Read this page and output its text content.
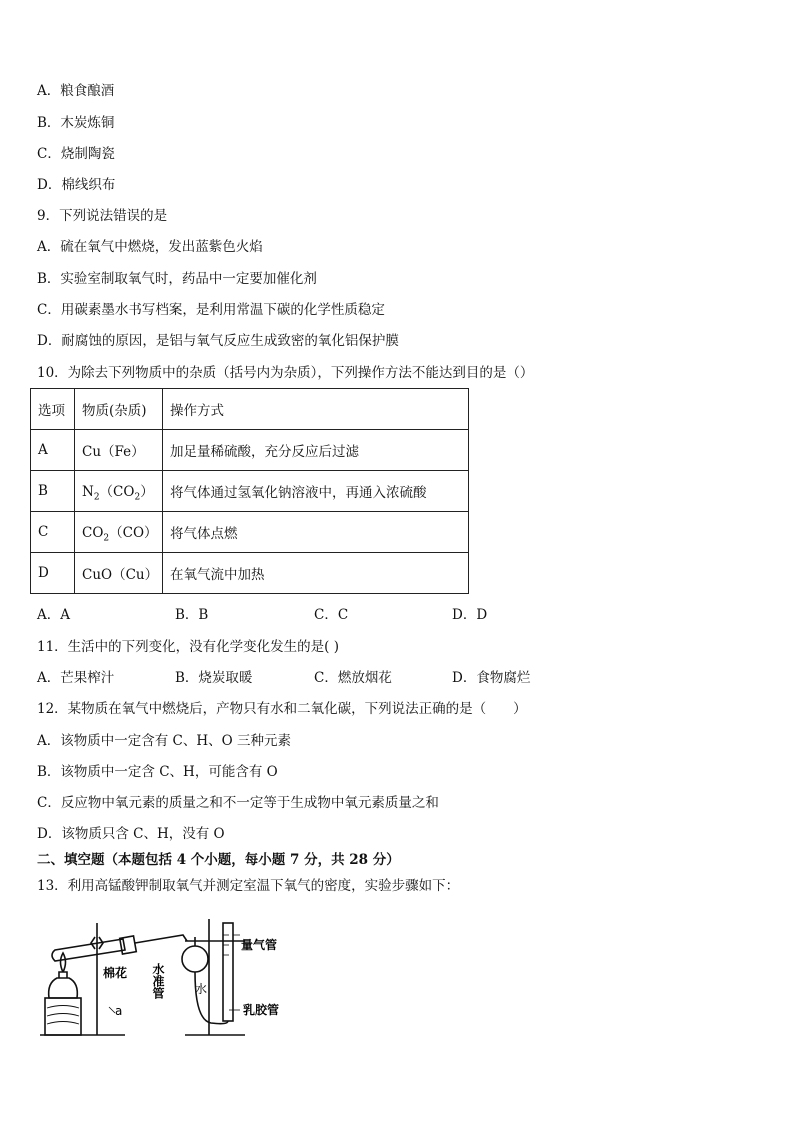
A．粮食酿酒
B．木炭炼铜
C．烧制陶瓷
D．棉线织布
9．下列说法错误的是
A．硫在氧气中燃烧，发出蓝紫色火焰
B．实验室制取氧气时，药品中一定要加催化剂
C．用碳素墨水书写档案，是利用常温下碳的化学性质稳定
D．耐腐蚀的原因，是铝与氧气反应生成致密的氧化铝保护膜
10．为除去下列物质中的杂质（括号内为杂质），下列操作方法不能达到目的是（）
选项	物质(杂质)	操作方式
A	Cu（Fe）	加足量稀硫酸，充分反应后过滤
B	$N_2(CO_2)$	将气体通过氢氧化钠溶液中，再通入浓硫酸
C	$CO_2(CO)$	将气体点燃
D	CuO（Cu）	在氧气流中加热
A．A	B．B	C．C	D．D
11．生活中的下列变化，没有化学变化发生的是( )
A．芒果榨汁	B．烧炭取暖	C．燃放烟花	D．食物腐烂
12．某物质在氧气中燃烧后，产物只有水和二氧化碳，下列说法正确的是（　　）
A．该物质中一定含有 C、H、O 三种元素
B．该物质中一定含 C、H，可能含有 O
C．反应物中氧元素的质量之和不一定等于生成物中氧元素质量之和
D．该物质只含 C、H，没有 O
二、填空题（本题包括 4 个小题，每小题 7 分，共 28 分）
13．利用高锰酸钾制取氧气并测定室温下氧气的密度，实验步骤如下：
棉花
a
水准管	水
量气管
乳胶管
